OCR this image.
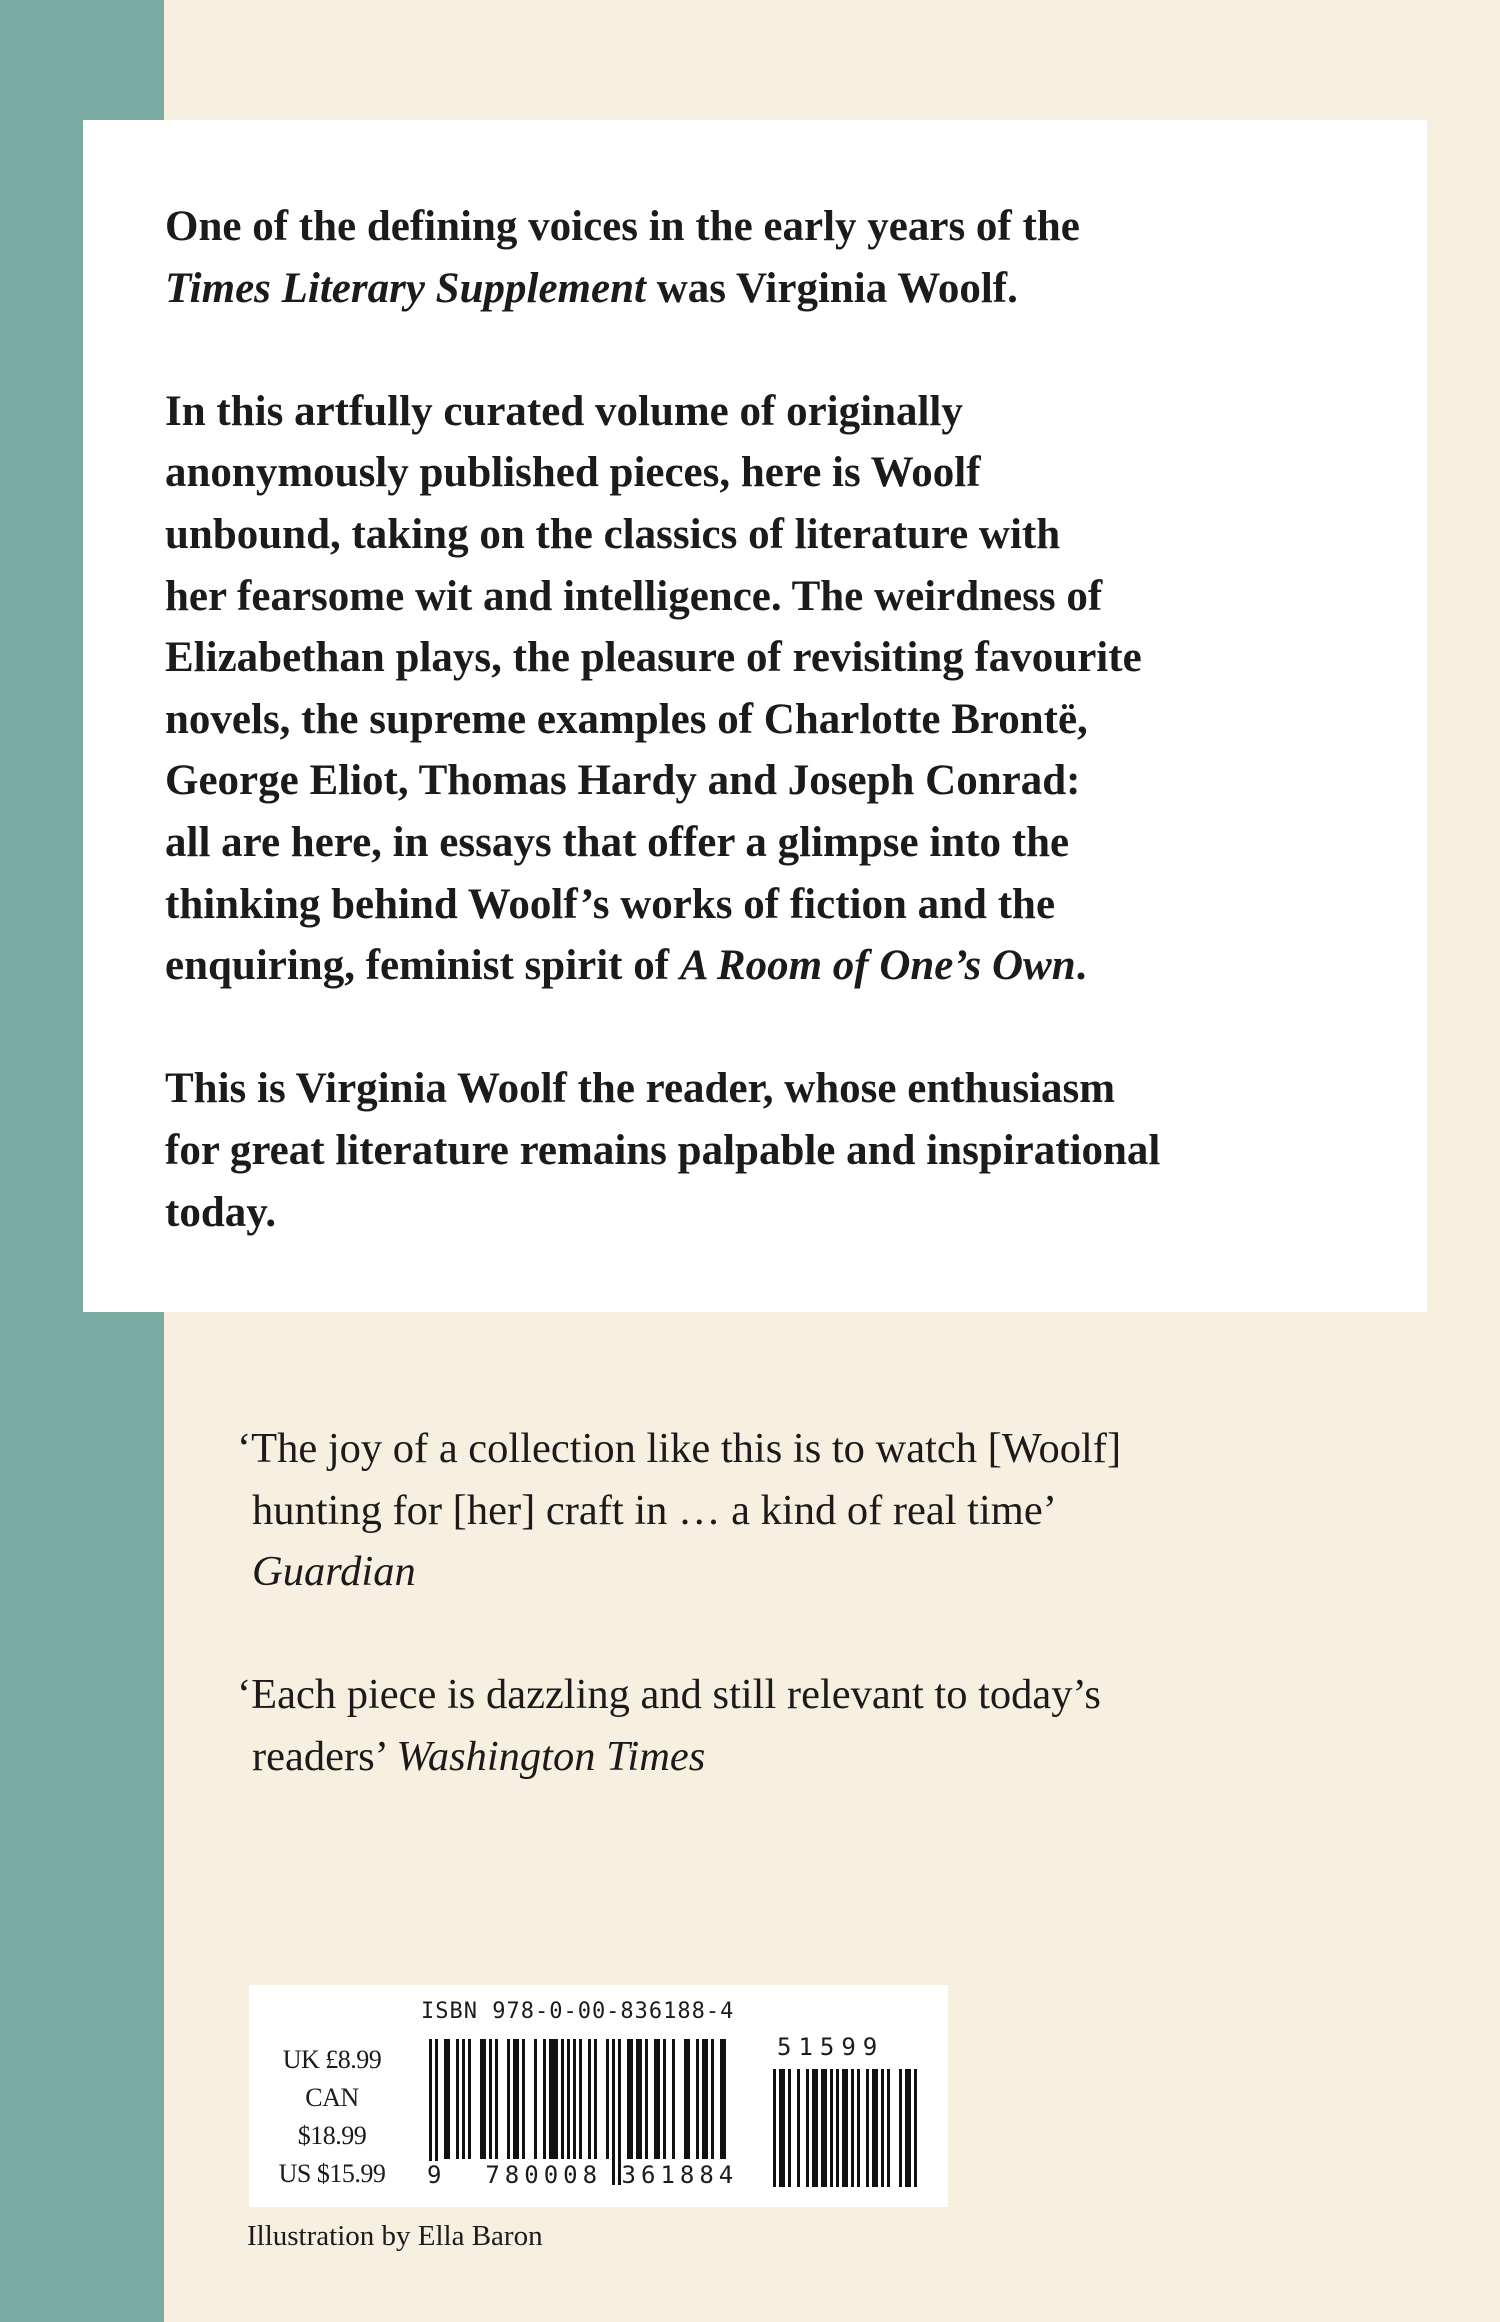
One of the defining voices in the early years of the
Times Literary Supplement was Virginia Woolf.
In this artfully curated volume of originally
anonymously published pieces, here is Woolf
unbound, taking on the classics of literature with
her fearsome wit and intelligence. The weirdness of
Elizabethan plays, the pleasure of revisiting favourite
novels, the supreme examples of Charlotte Brontë,
George Eliot, Thomas Hardy and Joseph Conrad:
all are here, in essays that offer a glimpse into the
thinking behind Woolf’s works of fiction and the
enquiring, feminist spirit of A Room of One’s Own.
This is Virginia Woolf the reader, whose enthusiasm
for great literature remains palpable and inspirational
today.
‘The joy of a collection like this is to watch [Woolf]
hunting for [her] craft in … a kind of real time’
Guardian
‘Each piece is dazzling and still relevant to today’s
readers’ Washington Times
UK £8.99
CAN $18.99
US $15.99
ISBN 978-0-00-836188-4
9 780008 361884
51599
Illustration by Ella Baron
